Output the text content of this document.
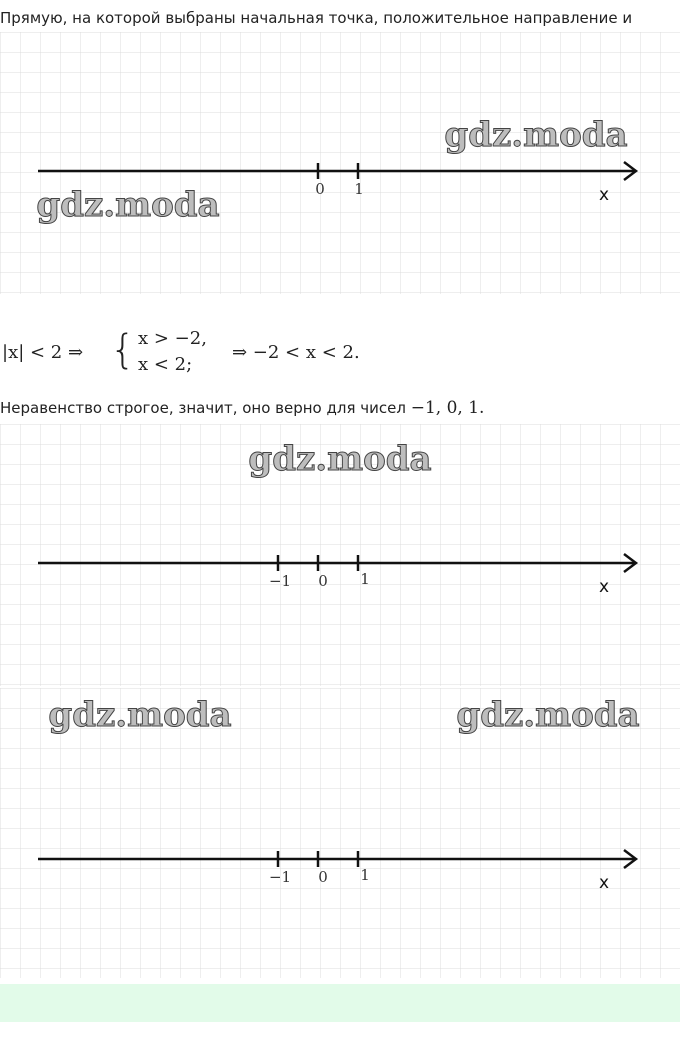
Прямую, на которой выбраны начальная точка, положительное направление и
0 1	x
gdz.moda
gdz.moda
|x| < 2 ⇒ { x > −2,
x < 2;
⇒ −2 < x < 2.
Неравенство строгое, значит, оно верно для чисел −1, 0, 1.
−1 0 1	x
gdz.moda
−1 0 1	x
gdz.moda	gdz.moda
